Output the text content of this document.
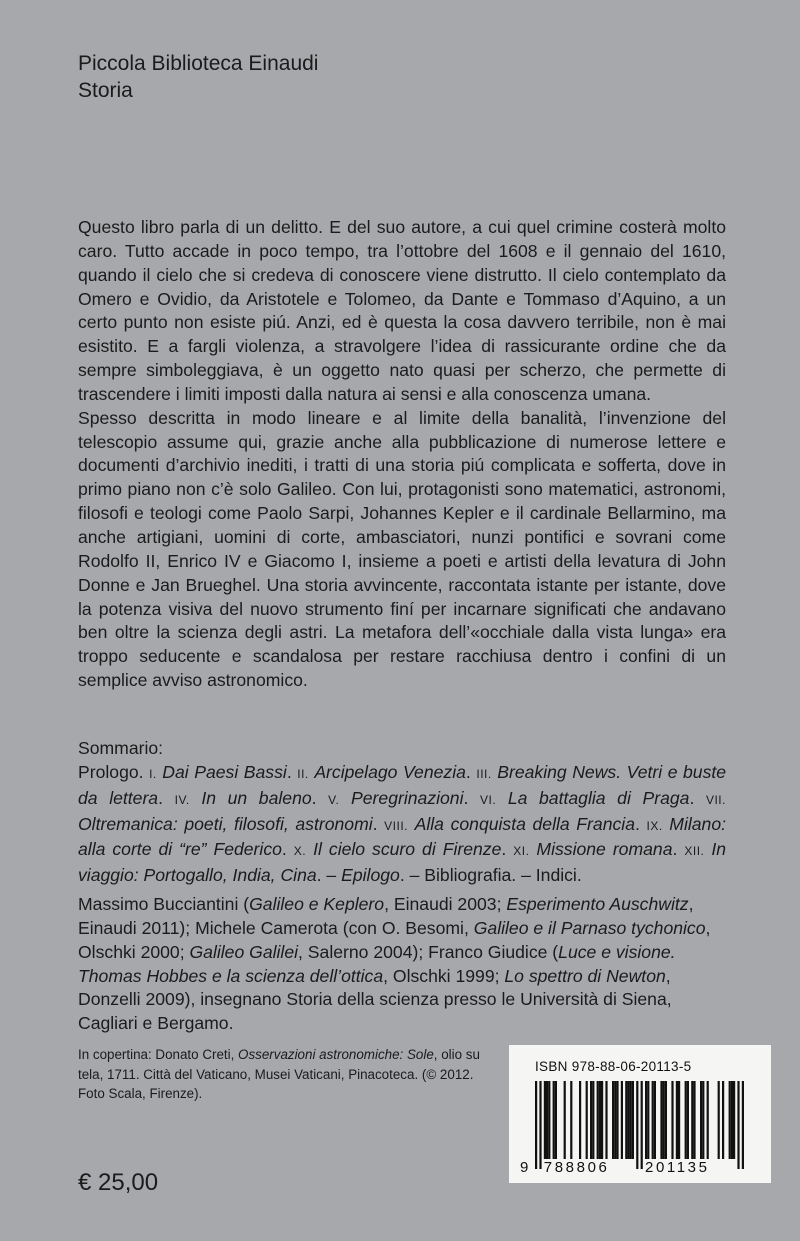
Piccola Biblioteca Einaudi
Storia

Questo libro parla di un delitto. E del suo autore, a cui quel crimine costerà molto caro. Tutto accade in poco tempo, tra l’ottobre del 1608 e il gennaio del 1610, quando il cielo che si credeva di conoscere viene distrutto. Il cielo contemplato da Omero e Ovidio, da Aristotele e Tolomeo, da Dante e Tommaso d’Aquino, a un certo punto non esiste piú. Anzi, ed è questa la cosa davvero terribile, non è mai esistito. E a fargli violenza, a stravolgere l’idea di rassicurante ordine che da sempre simboleggiava, è un oggetto nato quasi per scherzo, che permette di trascendere i limiti imposti dalla natura ai sensi e alla conoscenza umana.

Spesso descritta in modo lineare e al limite della banalità, l’invenzione del telescopio assume qui, grazie anche alla pubblicazione di numerose lettere e documenti d’archivio inediti, i tratti di una storia piú complicata e sofferta, dove in primo piano non c’è solo Galileo. Con lui, protagonisti sono matematici, astronomi, filosofi e teologi come Paolo Sarpi, Johannes Kepler e il cardinale Bellarmino, ma anche artigiani, uomini di corte, ambasciatori, nunzi pontifici e sovrani come Rodolfo II, Enrico IV e Giacomo I, insieme a poeti e artisti della levatura di John Donne e Jan Brueghel. Una storia avvincente, raccontata istante per istante, dove la potenza visiva del nuovo strumento finí per incarnare significati che andavano ben oltre la scienza degli astri. La metafora dell’«occhiale dalla vista lunga» era troppo seducente e scandalosa per restare racchiusa dentro i confini di un semplice avviso astronomico.

Sommario:

Prologo. I. Dai Paesi Bassi. II. Arcipelago Venezia. III. Breaking News. Vetri e buste da lettera. IV. In un baleno. V. Peregrinazioni. VI. La battaglia di Praga. VII. Oltremanica: poeti, filosofi, astronomi. VIII. Alla conquista della Francia. IX. Milano: alla corte di “re” Federico. X. Il cielo scuro di Firenze. XI. Missione romana. XII. In viaggio: Portogallo, India, Cina. – Epilogo. – Bibliografia. – Indici.

Massimo Bucciantini (Galileo e Keplero, Einaudi 2003; Esperimento Auschwitz, Einaudi 2011); Michele Camerota (con O. Besomi, Galileo e il Parnaso tychonico, Olschki 2000; Galileo Galilei, Salerno 2004); Franco Giudice (Luce e visione. Thomas Hobbes e la scienza dell’ottica, Olschki 1999; Lo spettro di Newton, Donzelli 2009), insegnano Storia della scienza presso le Università di Siena, Cagliari e Bergamo.
In copertina: Donato Creti, Osservazioni astronomiche: Sole, olio su tela, 1711. Città del Vaticano, Musei Vaticani, Pinacoteca. (© 2012. Foto Scala, Firenze).
ISBN 978-88-06-20113-5
9 788806 201135
€ 25,00
